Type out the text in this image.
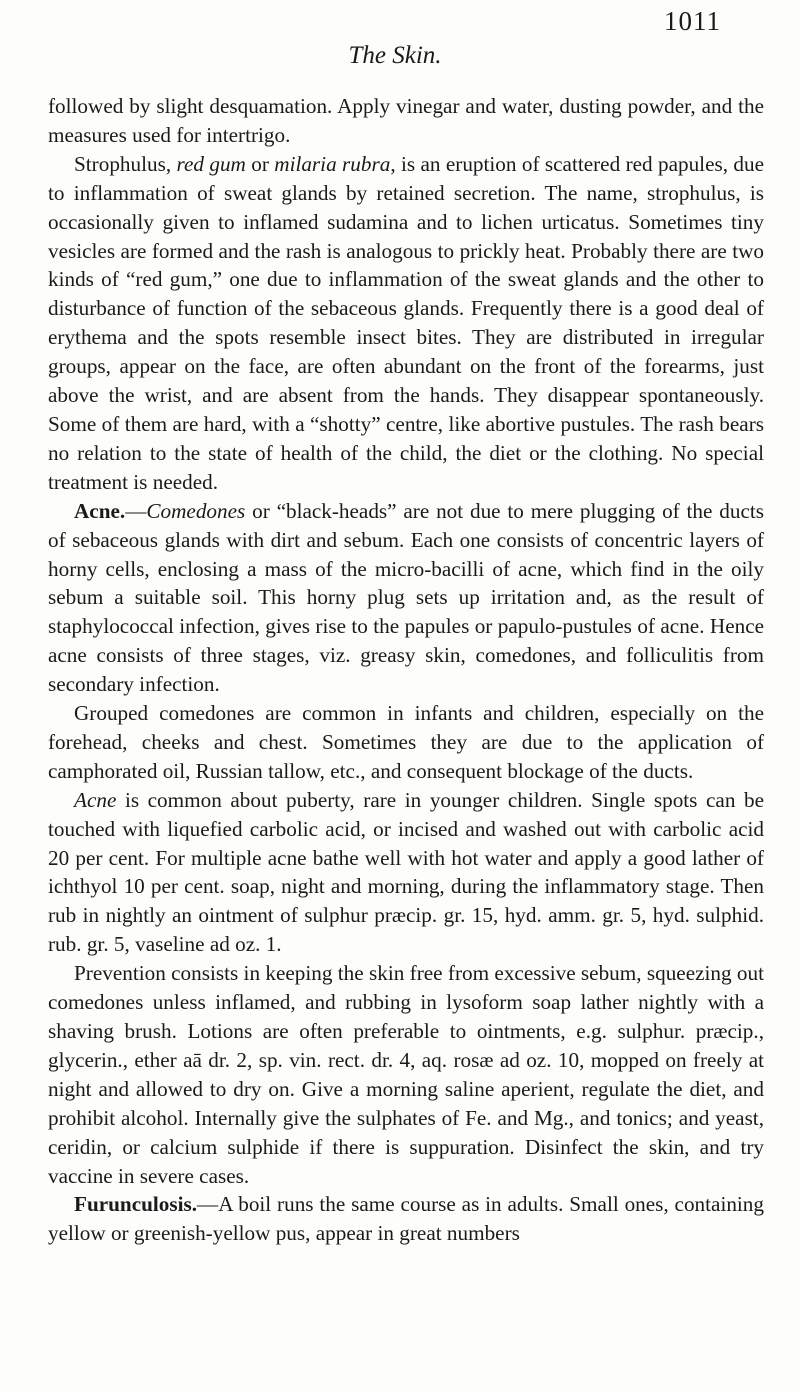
1011
The Skin.

followed by slight desquamation. Apply vinegar and water, dusting powder, and the measures used for intertrigo.

Strophulus, red gum or milaria rubra, is an eruption of scattered red papules, due to inflammation of sweat glands by retained secretion. The name, strophulus, is occasionally given to inflamed sudamina and to lichen urticatus. Sometimes tiny vesicles are formed and the rash is analogous to prickly heat. Probably there are two kinds of “red gum,” one due to inflammation of the sweat glands and the other to disturbance of function of the sebaceous glands. Frequently there is a good deal of erythema and the spots resemble insect bites. They are distributed in irregular groups, appear on the face, are often abundant on the front of the forearms, just above the wrist, and are absent from the hands. They disappear spontaneously. Some of them are hard, with a “shotty” centre, like abortive pustules. The rash bears no relation to the state of health of the child, the diet or the clothing. No special treatment is needed.

Acne.—Comedones or “black-heads” are not due to mere plugging of the ducts of sebaceous glands with dirt and sebum. Each one consists of concentric layers of horny cells, enclosing a mass of the micro-bacilli of acne, which find in the oily sebum a suitable soil. This horny plug sets up irritation and, as the result of staphylococcal infection, gives rise to the papules or papulo-pustules of acne. Hence acne consists of three stages, viz. greasy skin, comedones, and folliculitis from secondary infection.

Grouped comedones are common in infants and children, especially on the forehead, cheeks and chest. Sometimes they are due to the application of camphorated oil, Russian tallow, etc., and consequent blockage of the ducts.

Acne is common about puberty, rare in younger children. Single spots can be touched with liquefied carbolic acid, or incised and washed out with carbolic acid 20 per cent. For multiple acne bathe well with hot water and apply a good lather of ichthyol 10 per cent. soap, night and morning, during the inflammatory stage. Then rub in nightly an ointment of sulphur præcip. gr. 15, hyd. amm. gr. 5, hyd. sulphid. rub. gr. 5, vaseline ad oz. 1.

Prevention consists in keeping the skin free from excessive sebum, squeezing out comedones unless inflamed, and rubbing in lysoform soap lather nightly with a shaving brush. Lotions are often preferable to ointments, e.g. sulphur. præcip., glycerin., ether aā dr. 2, sp. vin. rect. dr. 4, aq. rosæ ad oz. 10, mopped on freely at night and allowed to dry on. Give a morning saline aperient, regulate the diet, and prohibit alcohol. Internally give the sulphates of Fe. and Mg., and tonics; and yeast, ceridin, or calcium sulphide if there is suppuration. Disinfect the skin, and try vaccine in severe cases.

Furunculosis.—A boil runs the same course as in adults. Small ones, containing yellow or greenish-yellow pus, appear in great numbers
